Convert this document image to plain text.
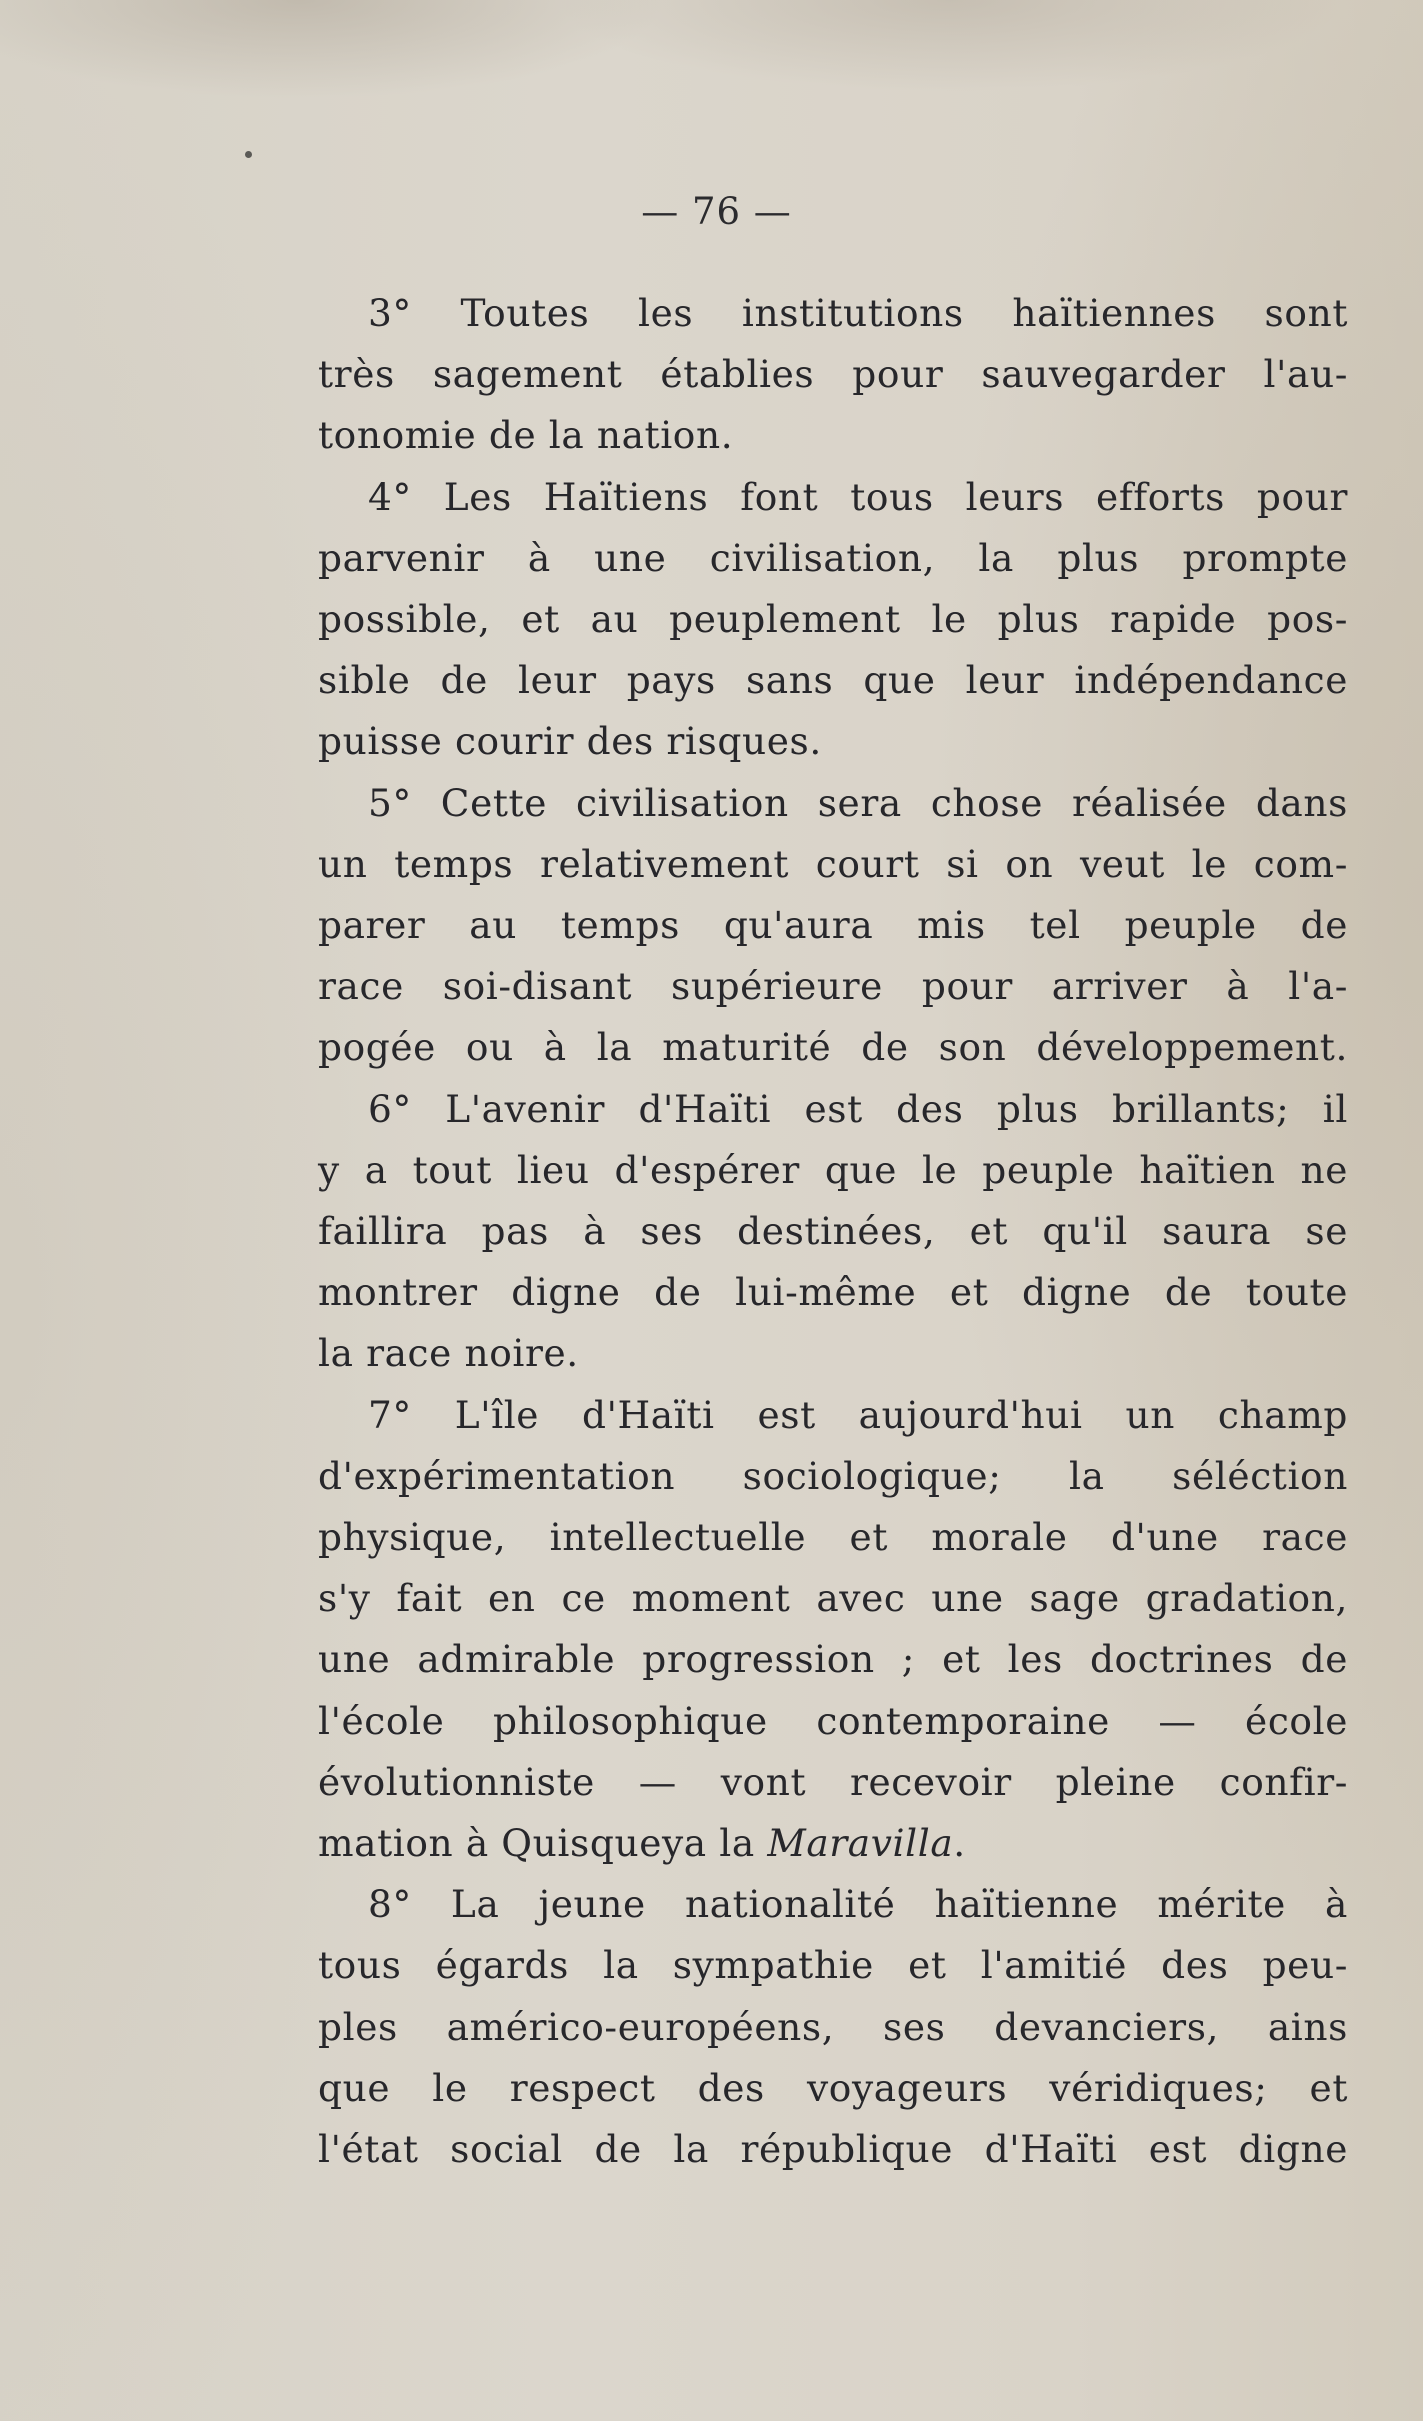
— 76 —

3° Toutes les institutions haïtiennes sont
très sagement établies pour sauvegarder l'au-
tonomie de la nation.

4° Les Haïtiens font tous leurs efforts pour
parvenir à une civilisation, la plus prompte
possible, et au peuplement le plus rapide pos-
sible de leur pays sans que leur indépendance
puisse courir des risques.

5° Cette civilisation sera chose réalisée dans
un temps relativement court si on veut le com-
parer au temps qu'aura mis tel peuple de
race soi-disant supérieure pour arriver à l'a-
pogée ou à la maturité de son développement.

6° L'avenir d'Haïti est des plus brillants; il
y a tout lieu d'espérer que le peuple haïtien ne
faillira pas à ses destinées, et qu'il saura se
montrer digne de lui-même et digne de toute
la race noire.

7° L'île d'Haïti est aujourd'hui un champ
d'expérimentation sociologique; la séléction
physique, intellectuelle et morale d'une race
s'y fait en ce moment avec une sage gradation,
une admirable progression ; et les doctrines de
l'école philosophique contemporaine — école
évolutionniste — vont recevoir pleine confir-
mation à Quisqueya la Maravilla.

8° La jeune nationalité haïtienne mérite à
tous égards la sympathie et l'amitié des peu-
ples américo-européens, ses devanciers, ains
que le respect des voyageurs véridiques; et
l'état social de la république d'Haïti est digne
